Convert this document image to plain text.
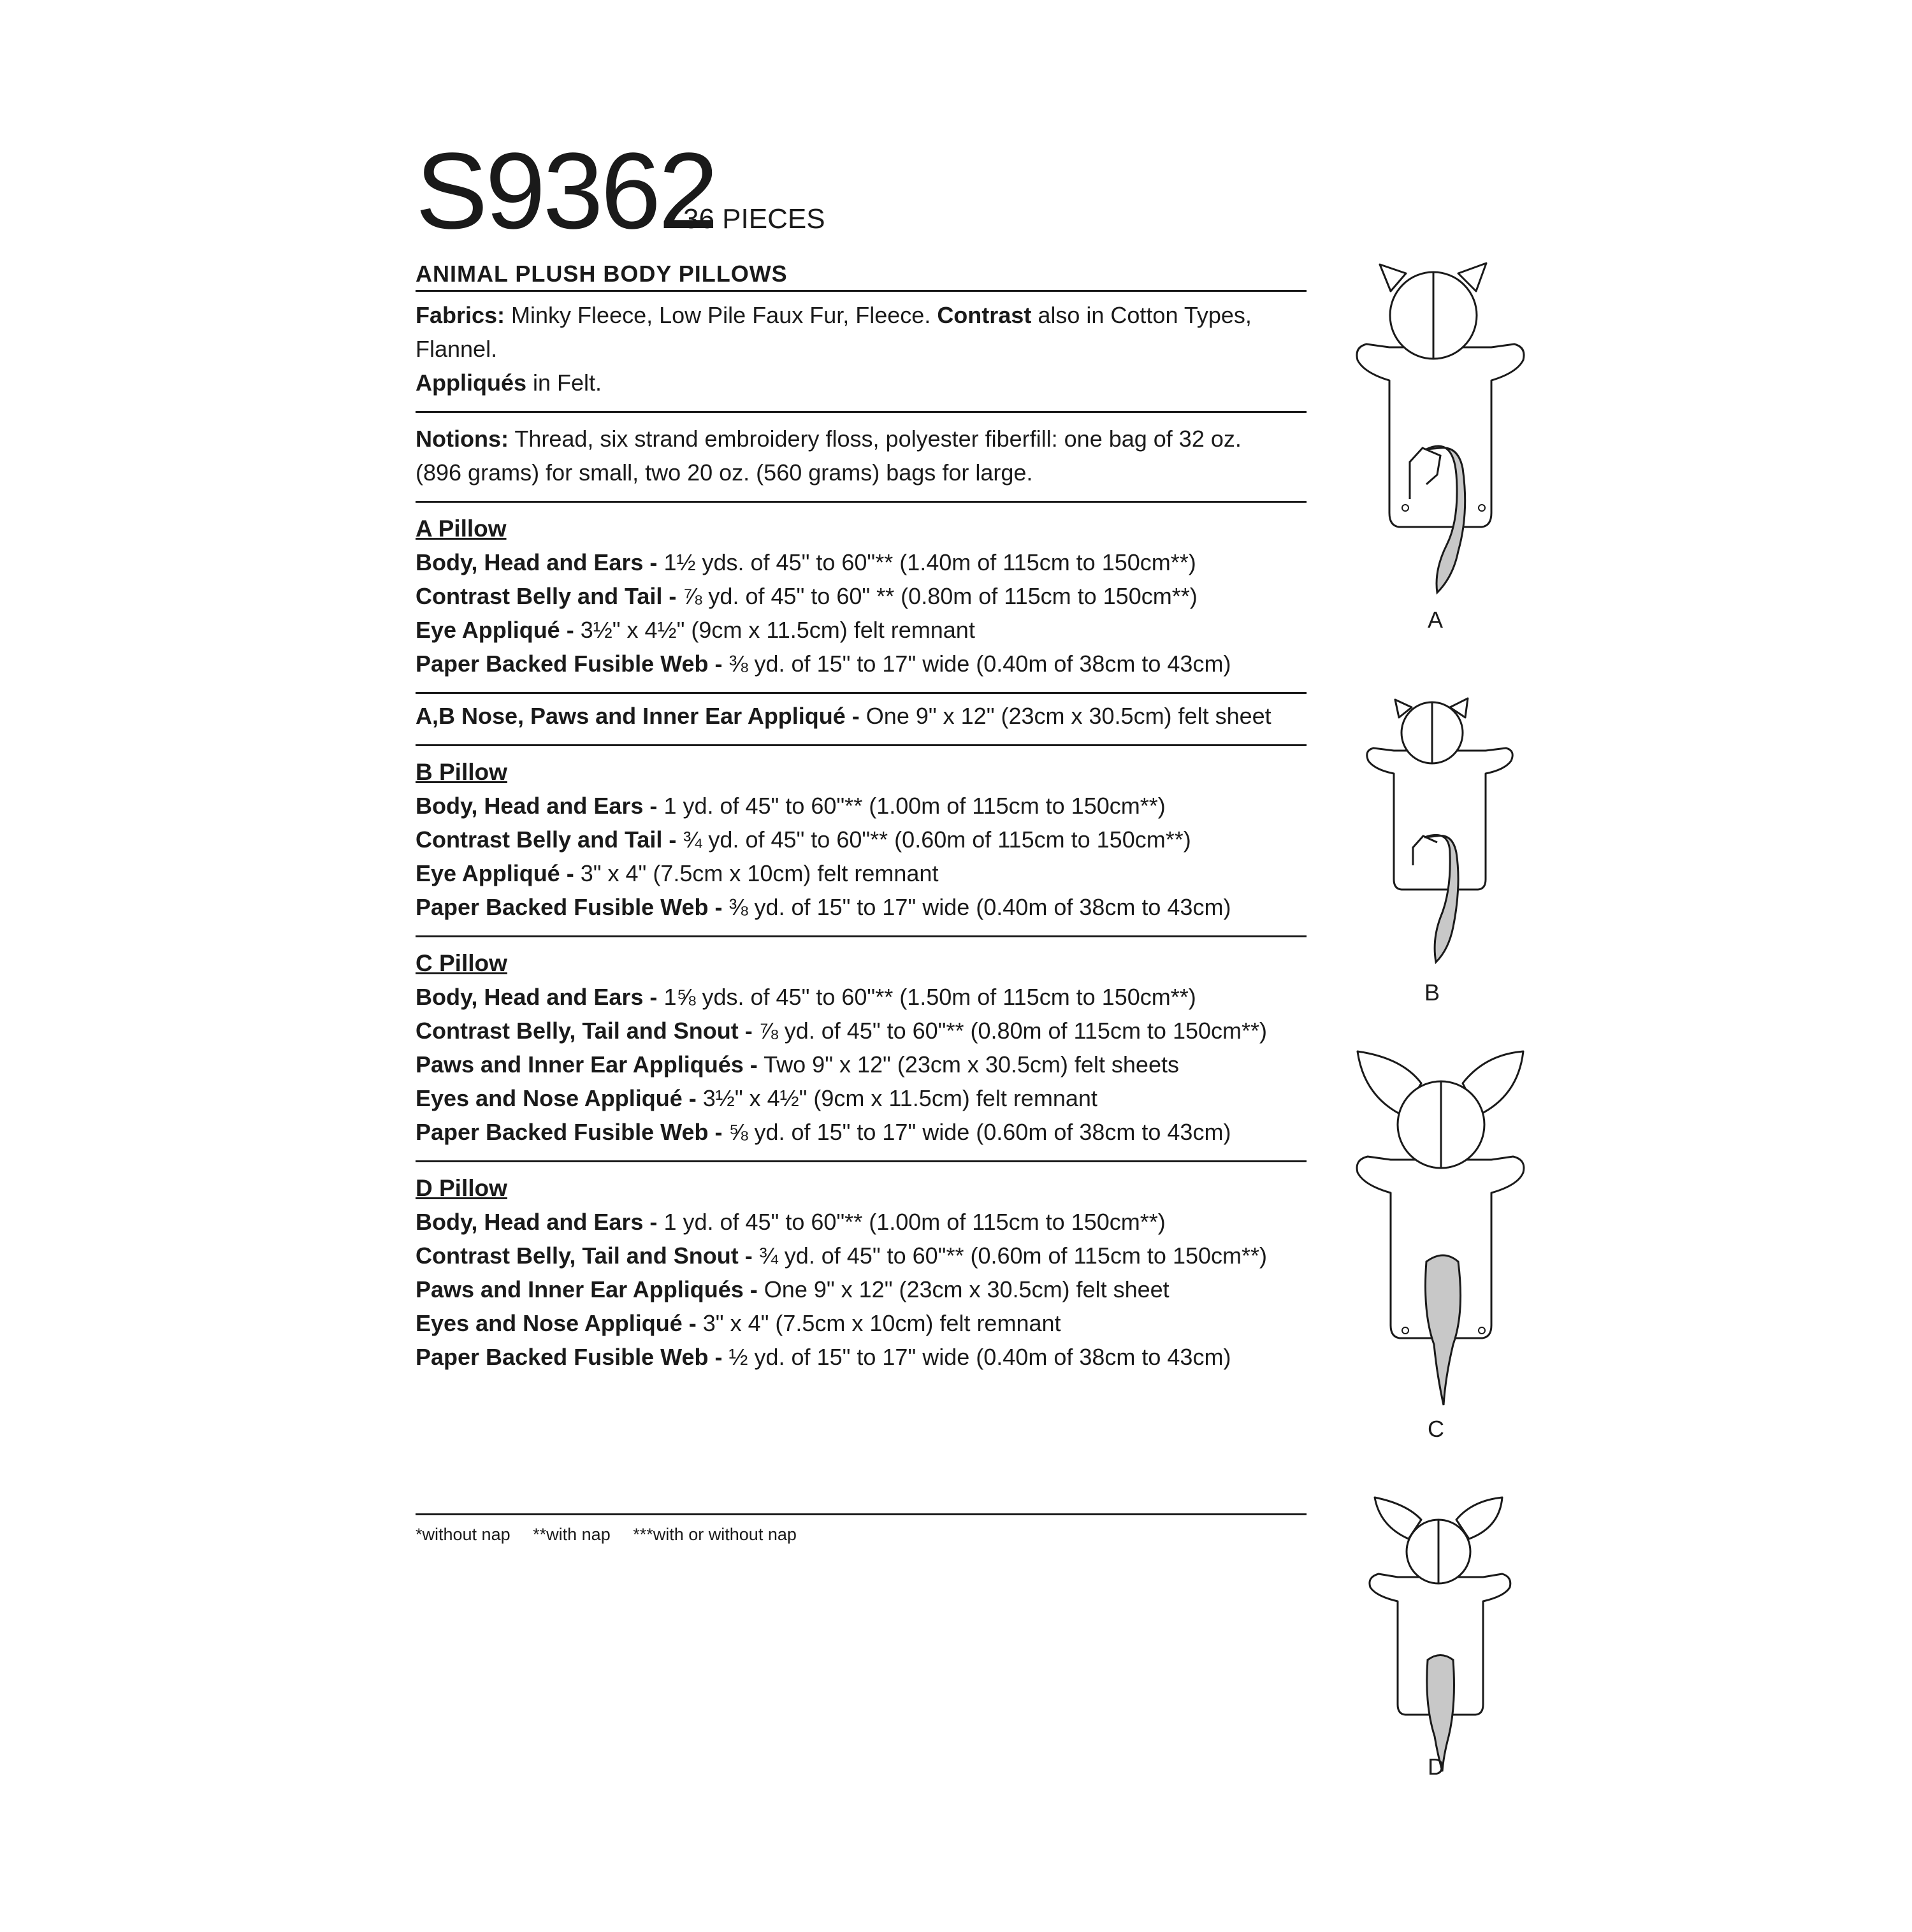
S9362
36 PIECES
ANIMAL PLUSH BODY PILLOWS
Fabrics: Minky Fleece, Low Pile Faux Fur, Fleece. Contrast also in Cotton Types, Flannel.
Appliqués in Felt.
Notions: Thread, six strand embroidery floss, polyester fiberfill: one bag of 32 oz. (896 grams) for small, two 20 oz. (560 grams) bags for large.
A Pillow
Body, Head and Ears - 1½ yds. of 45" to 60"** (1.40m of 115cm to 150cm**)
Contrast Belly and Tail - ⅞ yd. of 45" to 60" ** (0.80m of 115cm to 150cm**)
Eye Appliqué - 3½" x 4½" (9cm x 11.5cm) felt remnant
Paper Backed Fusible Web - ⅜ yd. of 15" to 17" wide (0.40m of 38cm to 43cm)
A,B Nose, Paws and Inner Ear Appliqué - One 9" x 12" (23cm x 30.5cm) felt sheet
B Pillow
Body, Head and Ears - 1 yd. of 45" to 60"** (1.00m of 115cm to 150cm**)
Contrast Belly and Tail - ¾ yd. of 45" to 60"** (0.60m of 115cm to 150cm**)
Eye Appliqué - 3" x 4" (7.5cm x 10cm) felt remnant
Paper Backed Fusible Web - ⅜ yd. of 15" to 17" wide (0.40m of 38cm to 43cm)
C Pillow
Body, Head and Ears - 1⅝ yds. of 45" to 60"** (1.50m of 115cm to 150cm**)
Contrast Belly, Tail and Snout - ⅞ yd. of 45" to 60"** (0.80m of 115cm to 150cm**)
Paws and Inner Ear Appliqués - Two 9" x 12" (23cm x 30.5cm) felt sheets
Eyes and Nose Appliqué - 3½" x 4½" (9cm x 11.5cm) felt remnant
Paper Backed Fusible Web - ⅝ yd. of 15" to 17" wide (0.60m of 38cm to 43cm)
D Pillow
Body, Head and Ears - 1 yd. of 45" to 60"** (1.00m of 115cm to 150cm**)
Contrast Belly, Tail and Snout - ¾ yd. of 45" to 60"** (0.60m of 115cm to 150cm**)
Paws and Inner Ear Appliqués - One 9" x 12" (23cm x 30.5cm) felt sheet
Eyes and Nose Appliqué - 3" x 4" (7.5cm x 10cm) felt remnant
Paper Backed Fusible Web - ½ yd. of 15" to 17" wide (0.40m of 38cm to 43cm)
*without nap **with nap ***with or without nap
A
B
C
D
